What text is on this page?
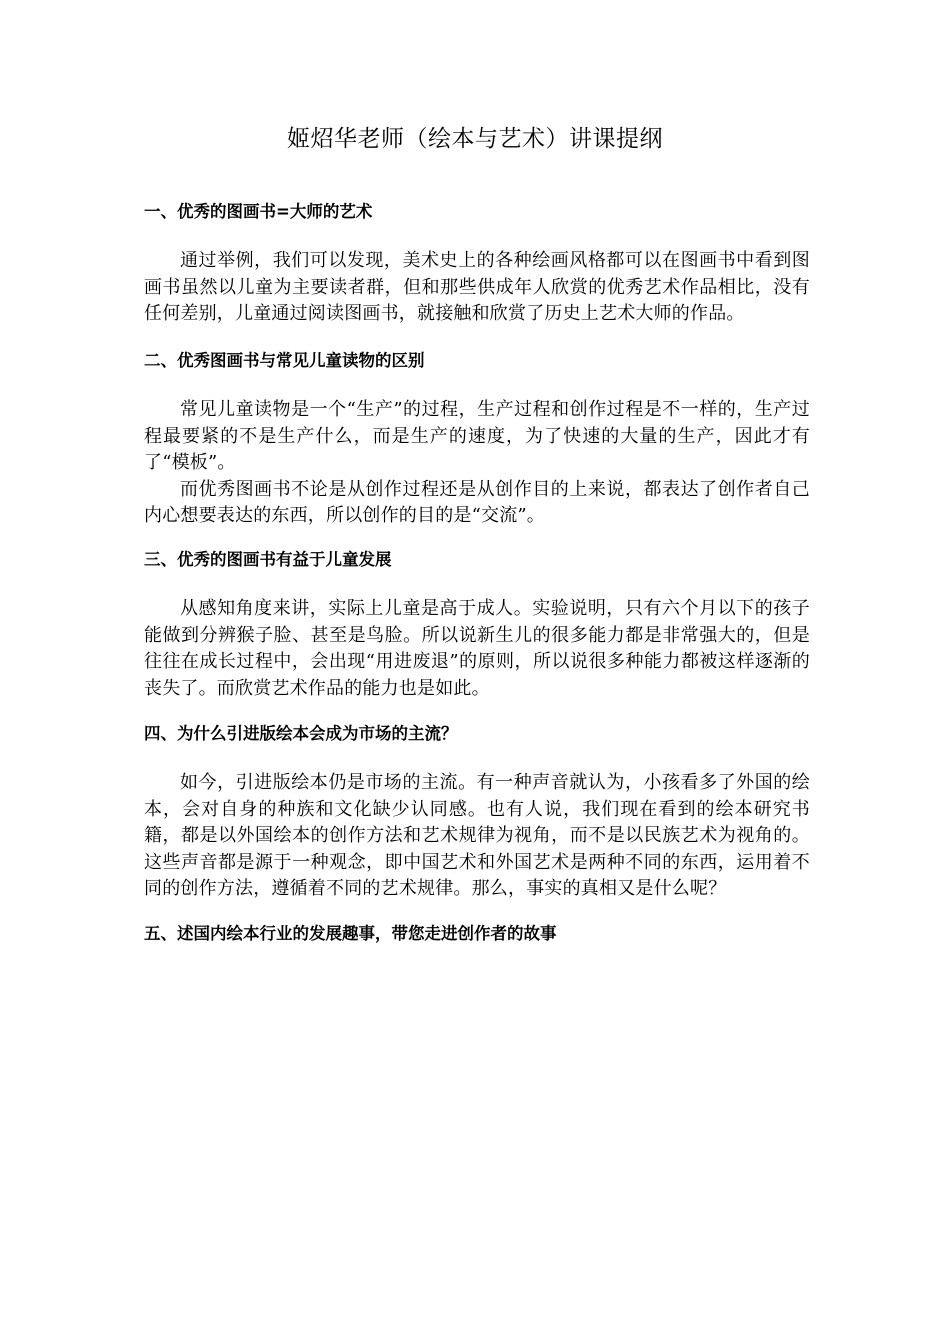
姬炤华老师（绘本与艺术）讲课提纲

一、优秀的图画书=大师的艺术

通过举例，我们可以发现，美术史上的各种绘画风格都可以在图画书中看到图画书虽然以儿童为主要读者群，但和那些供成年人欣赏的优秀艺术作品相比，没有任何差别，儿童通过阅读图画书，就接触和欣赏了历史上艺术大师的作品。

二、优秀图画书与常见儿童读物的区别

常见儿童读物是一个“生产”的过程，生产过程和创作过程是不一样的，生产过程最要紧的不是生产什么，而是生产的速度，为了快速的大量的生产，因此才有了“模板”。

而优秀图画书不论是从创作过程还是从创作目的上来说，都表达了创作者自己内心想要表达的东西，所以创作的目的是“交流”。

三、优秀的图画书有益于儿童发展

从感知角度来讲，实际上儿童是高于成人。实验说明，只有六个月以下的孩子能做到分辨猴子脸、甚至是鸟脸。所以说新生儿的很多能力都是非常强大的，但是往往在成长过程中，会出现“用进废退”的原则，所以说很多种能力都被这样逐渐的丧失了。而欣赏艺术作品的能力也是如此。

四、为什么引进版绘本会成为市场的主流？

如今，引进版绘本仍是市场的主流。有一种声音就认为，小孩看多了外国的绘本，会对自身的种族和文化缺少认同感。也有人说，我们现在看到的绘本研究书籍，都是以外国绘本的创作方法和艺术规律为视角，而不是以民族艺术为视角的。这些声音都是源于一种观念，即中国艺术和外国艺术是两种不同的东西，运用着不同的创作方法，遵循着不同的艺术规律。那么，事实的真相又是什么呢？

五、述国内绘本行业的发展趣事，带您走进创作者的故事
